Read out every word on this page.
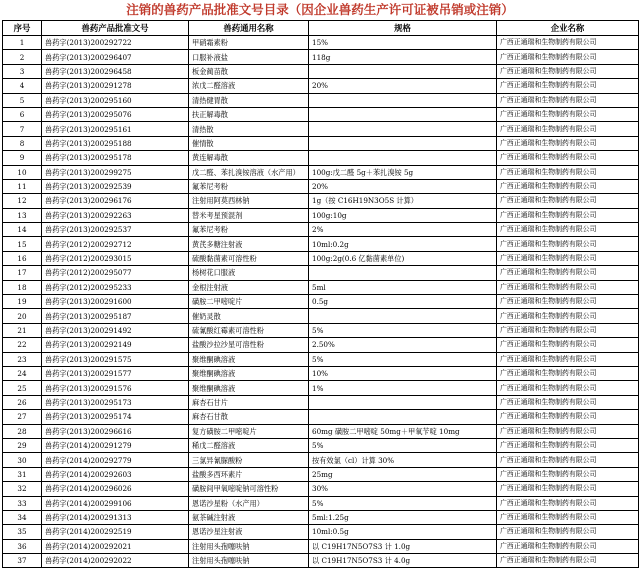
注销的兽药产品批准文号目录（因企业兽药生产许可证被吊销或注销）
序号	兽药产品批准文号	兽药通用名称	规格	企业名称
1	兽药字(2013)200292722	甲硝霜素粉	15%	广西正通瑞和生物制药有限公司
2	兽药字(2013)200296407	口服补液盐	118g	广西正通瑞和生物制药有限公司
3	兽药字(2013)200296458	板金蔺苗散		广西正通瑞和生物制药有限公司
4	兽药字(2013)200291278	浓戊二醛溶液	20%	广西正通瑞和生物制药有限公司
5	兽药字(2013)200295160	清热健胃散		广西正通瑞和生物制药有限公司
6	兽药字(2013)200295076	扶正解毒散		广西正通瑞和生物制药有限公司
7	兽药字(2013)200295161	清热散		广西正通瑞和生物制药有限公司
8	兽药字(2013)200295188	催情散		广西正通瑞和生物制药有限公司
9	兽药字(2013)200295178	黄连解毒散		广西正通瑞和生物制药有限公司
10	兽药字(2013)200299275	戊二醛、苯扎溴铵溶液（水产用）	100g:戊二醛 5g＋苯扎溴铵 5g	广西正通瑞和生物制药有限公司
11	兽药字(2013)200292539	氟苯尼考粉	20%	广西正通瑞和生物制药有限公司
12	兽药字(2013)200296176	注射用阿莫西林钠	1g（按 C16H19N3O5S 计算）	广西正通瑞和生物制药有限公司
13	兽药字(2013)200292263	替米考星预混剂	100g:10g	广西正通瑞和生物制药有限公司
14	兽药字(2013)200292537	氟苯尼考粉	2%	广西正通瑞和生物制药有限公司
15	兽药字(2012)200292712	黄芪多糖注射液	10ml:0.2g	广西正通瑞和生物制药有限公司
16	兽药字(2012)200293015	硫酸黏菌素可溶性粉	100g:2g(0.6 亿黏菌素单位)	广西正通瑞和生物制药有限公司
17	兽药字(2012)200295077	杨树花口服液		广西正通瑞和生物制药有限公司
18	兽药字(2012)200295233	金根注射液	5ml	广西正通瑞和生物制药有限公司
19	兽药字(2013)200291600	磺胺二甲嘧啶片	0.5g	广西正通瑞和生物制药有限公司
20	兽药字(2013)200295187	催奶灵散		广西正通瑞和生物制药有限公司
21	兽药字(2013)200291492	硫氰酸红霉素可溶性粉	5%	广西正通瑞和生物制药有限公司
22	兽药字(2013)200292149	盐酸沙拉沙星可溶性粉	2.50%	广西正通瑞和生物制药有限公司
23	兽药字(2013)200291575	聚维酮碘溶液	5%	广西正通瑞和生物制药有限公司
24	兽药字(2013)200291577	聚维酮碘溶液	10%	广西正通瑞和生物制药有限公司
25	兽药字(2013)200291576	聚维酮碘溶液	1%	广西正通瑞和生物制药有限公司
26	兽药字(2013)200295173	麻杏石甘片		广西正通瑞和生物制药有限公司
27	兽药字(2013)200295174	麻杏石甘散		广西正通瑞和生物制药有限公司
28	兽药字(2013)200296616	复方磺胺二甲嘧啶片	60mg 磺胺二甲嘧啶 50mg＋甲氧苄啶 10mg	广西正通瑞和生物制药有限公司
29	兽药字(2014)200291279	稀戊二醛溶液	5%	广西正通瑞和生物制药有限公司
30	兽药字(2014)200292779	三氯异氰脲酸粉	按有效氯（cl）计算 30%	广西正通瑞和生物制药有限公司
31	兽药字(2014)200292603	盐酸多西环素片	25mg	广西正通瑞和生物制药有限公司
32	兽药字(2014)200296026	磺胺间甲氧嘧啶钠可溶性粉	30%	广西正通瑞和生物制药有限公司
33	兽药字(2014)200299106	恩诺沙星粉（水产用）	5%	广西正通瑞和生物制药有限公司
34	兽药字(2014)200291313	氨茶碱注射液	5ml:1.25g	广西正通瑞和生物制药有限公司
35	兽药字(2014)200292519	恩诺沙星注射液	10ml:0.5g	广西正通瑞和生物制药有限公司
36	兽药字(2014)200292021	注射用头孢噻呋钠	以 C19H17N5O7S3 计 1.0g	广西正通瑞和生物制药有限公司
37	兽药字(2014)200292022	注射用头孢噻呋钠	以 C19H17N5O7S3 计 4.0g	广西正通瑞和生物制药有限公司
